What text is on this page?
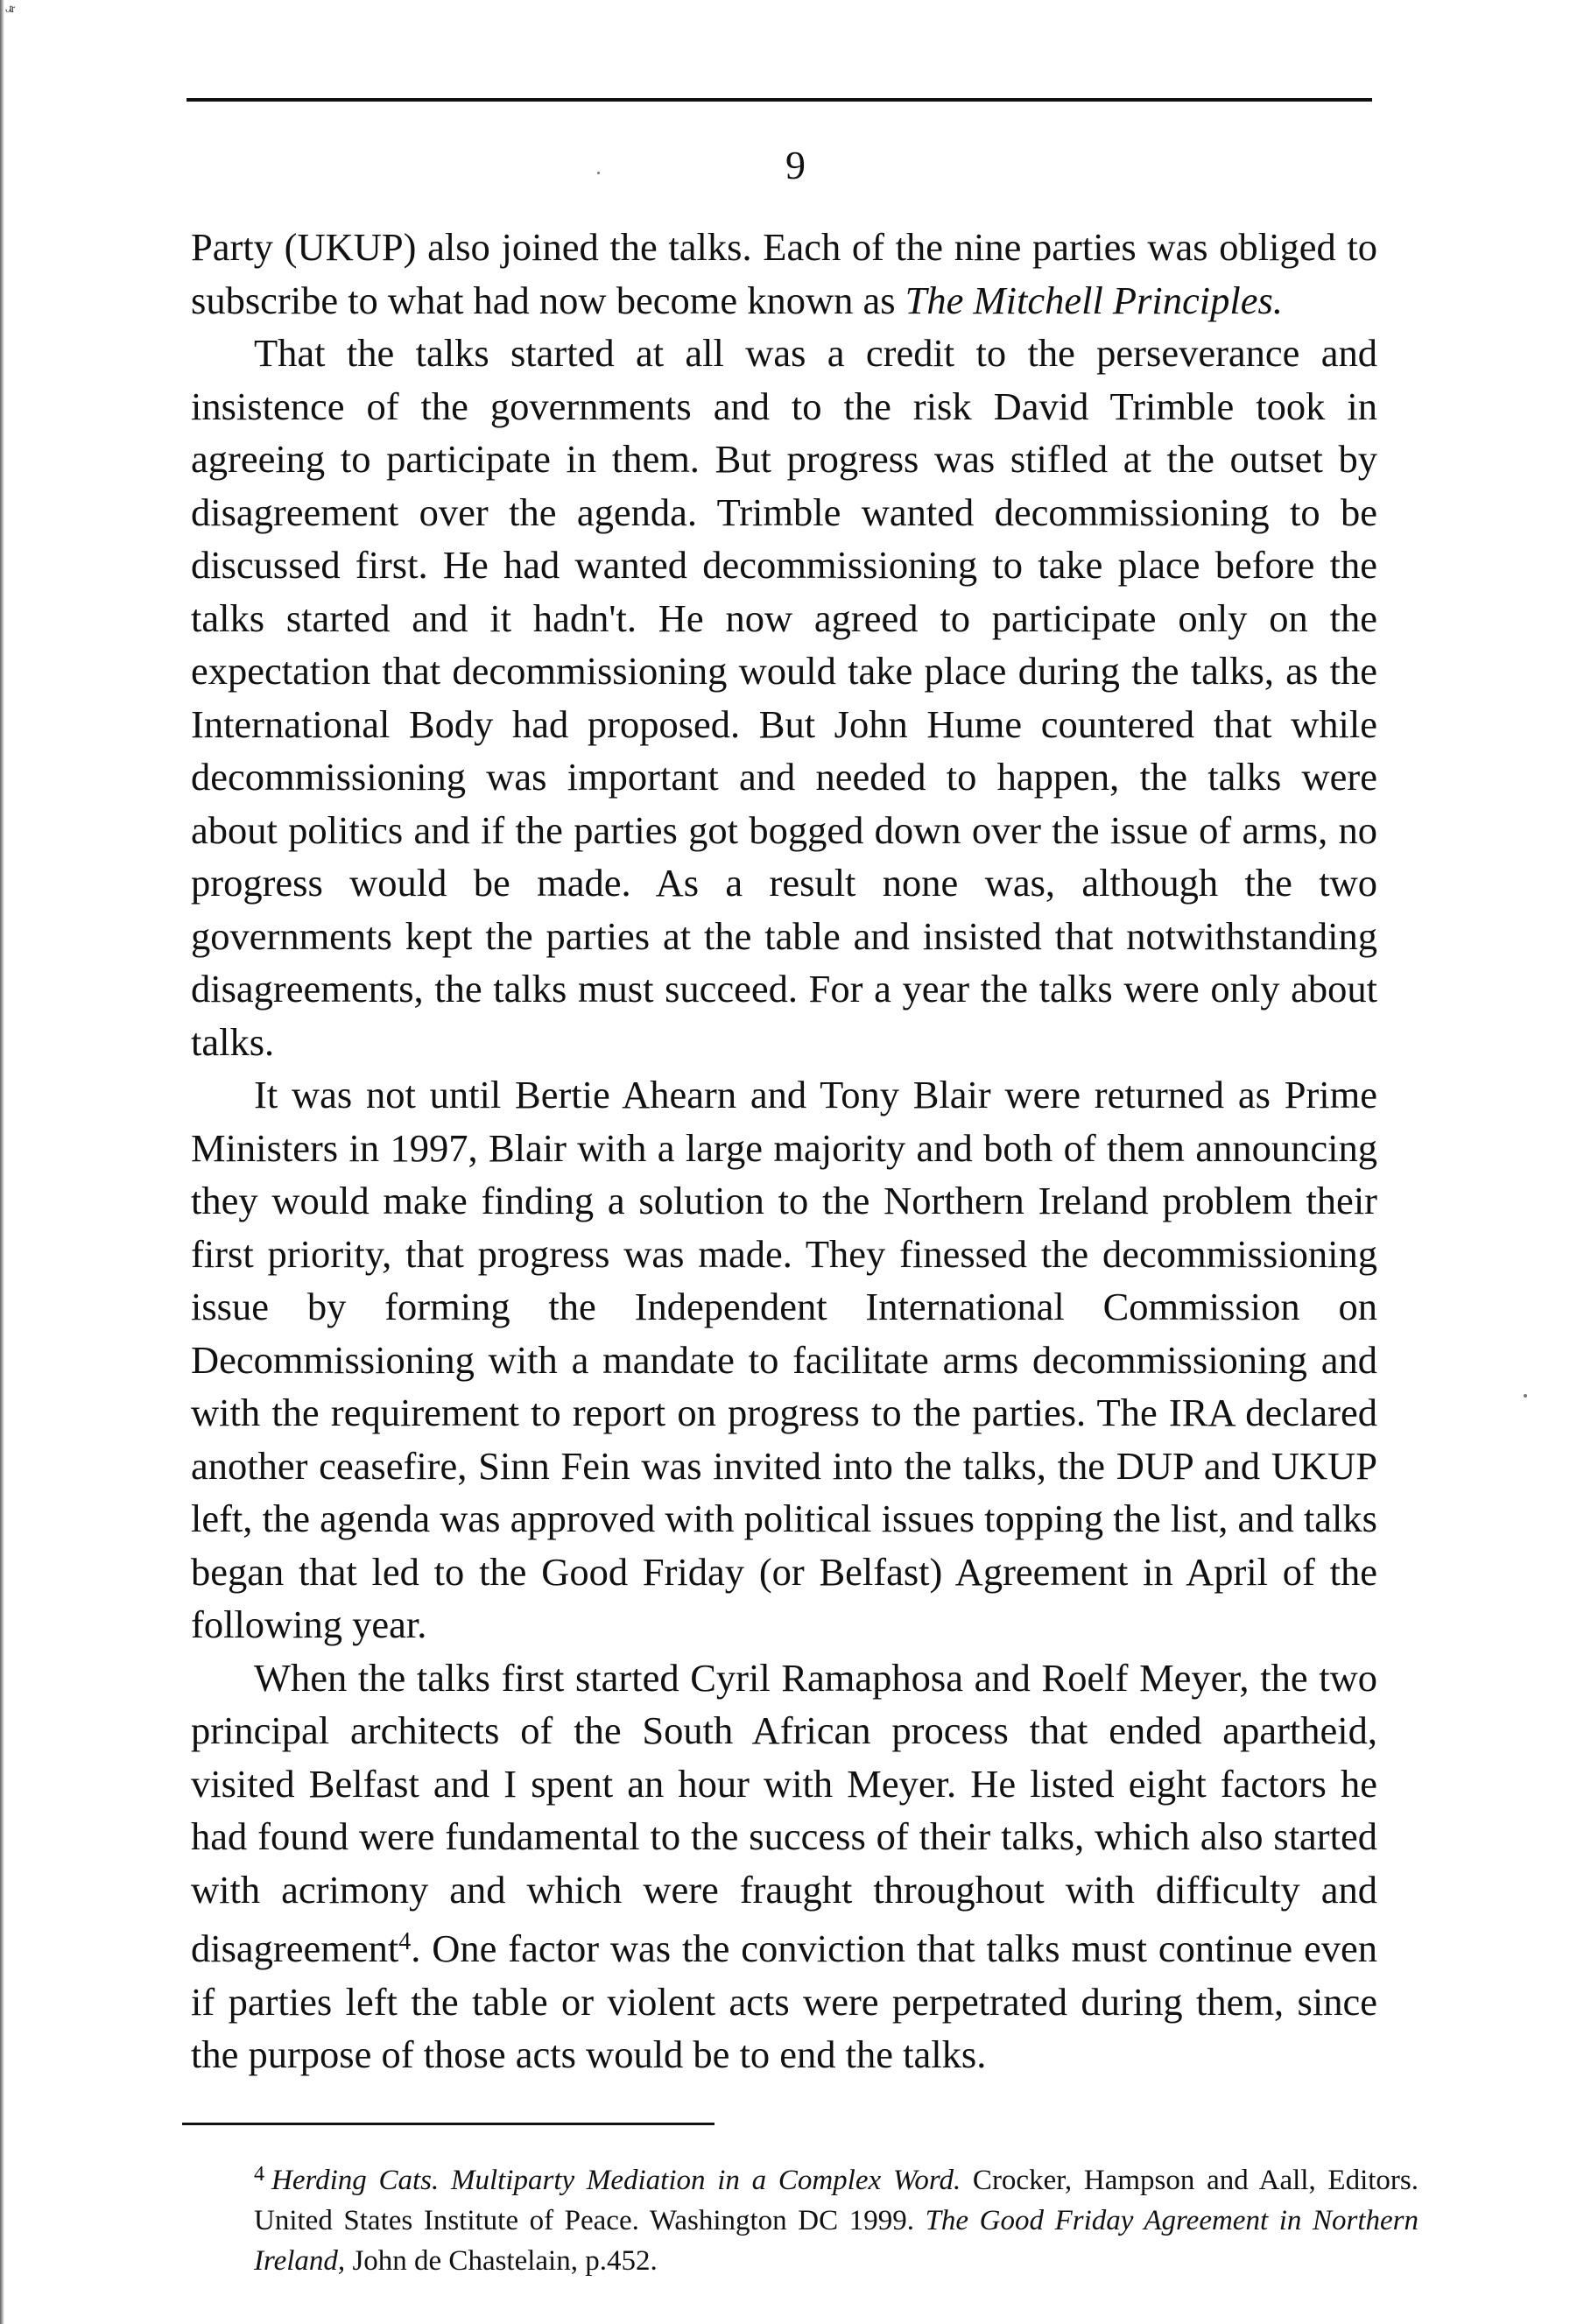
ᵕᵗʳ
9

Party (UKUP) also joined the talks. Each of the nine parties was obliged to subscribe to what had now become known as The Mitchell Principles.

That the talks started at all was a credit to the perseverance and insistence of the governments and to the risk David Trimble took in agreeing to participate in them. But progress was stifled at the outset by disagreement over the agenda. Trimble wanted decommissioning to be discussed first. He had wanted decommissioning to take place before the talks started and it hadn't. He now agreed to participate only on the expectation that decommissioning would take place during the talks, as the International Body had proposed. But John Hume countered that while decommissioning was important and needed to happen, the talks were about politics and if the parties got bogged down over the issue of arms, no progress would be made. As a result none was, although the two governments kept the parties at the table and insisted that notwithstanding disagreements, the talks must succeed. For a year the talks were only about talks.

It was not until Bertie Ahearn and Tony Blair were returned as Prime Ministers in 1997, Blair with a large majority and both of them announcing they would make finding a solution to the Northern Ireland problem their first priority, that progress was made. They finessed the decommissioning issue by forming the Independent International Commission on Decommissioning with a mandate to facilitate arms decommissioning and with the requirement to report on progress to the parties. The IRA declared another ceasefire, Sinn Fein was invited into the talks, the DUP and UKUP left, the agenda was approved with political issues topping the list, and talks began that led to the Good Friday (or Belfast) Agreement in April of the following year.

When the talks first started Cyril Ramaphosa and Roelf Meyer, the two principal architects of the South African process that ended apartheid, visited Belfast and I spent an hour with Meyer. He listed eight factors he had found were fundamental to the success of their talks, which also started with acrimony and which were fraught throughout with difficulty and disagreement$^4$. One factor was the conviction that talks must continue even if parties left the table or violent acts were perpetrated during them, since the purpose of those acts would be to end the talks.

$^4$ Herding Cats. Multiparty Mediation in a Complex Word. Crocker, Hampson and Aall, Editors. United States Institute of Peace. Washington DC 1999. The Good Friday Agreement in Northern Ireland, John de Chastelain, p.452.
